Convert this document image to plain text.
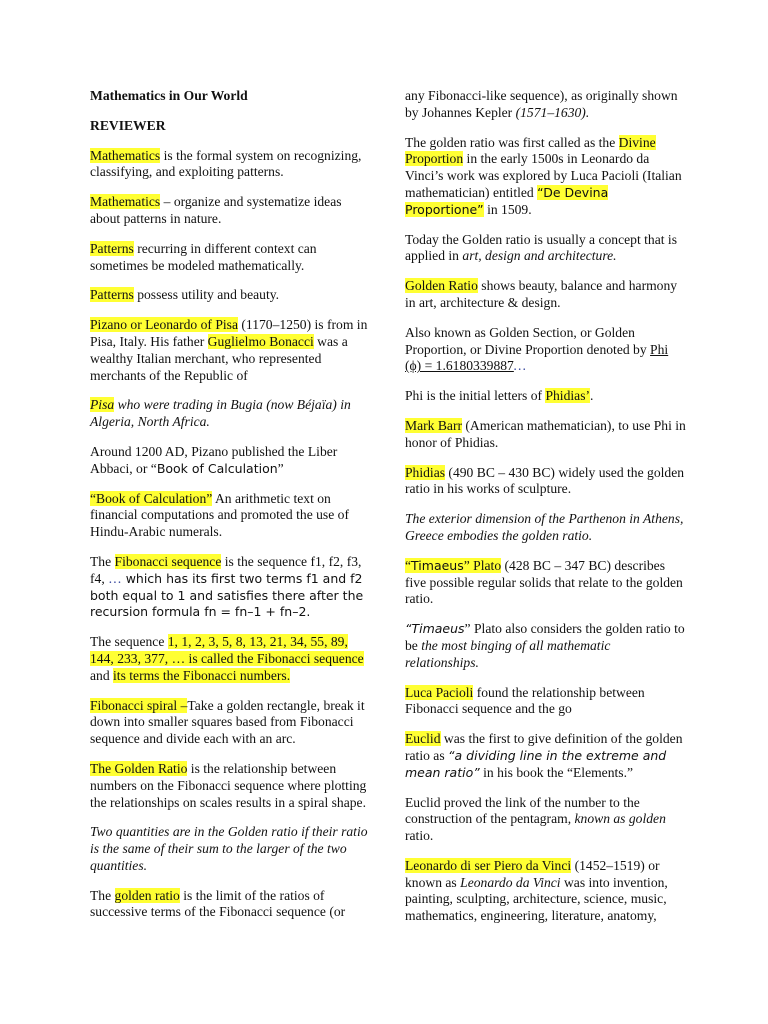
Mathematics in Our World

REVIEWER

Mathematics is the formal system on recognizing, classifying, and exploiting patterns.

Mathematics – organize and systematize ideas about patterns in nature.

Patterns recurring in different context can sometimes be modeled mathematically.

Patterns possess utility and beauty.

Pizano or Leonardo of Pisa (1170–1250) is from in Pisa, Italy. His father Guglielmo Bonacci was a wealthy Italian merchant, who represented merchants of the Republic of

Pisa who were trading in Bugia (now Béjaïa) in Algeria, North Africa.

Around 1200 AD, Pizano published the Liber Abbaci, or “Book of Calculation”

“Book of Calculation” An arithmetic text on financial computations and promoted the use of Hindu-Arabic numerals.

The Fibonacci sequence is the sequence f1, f2, f3, f4, … which has its first two terms f1 and f2 both equal to 1 and satisfies there after the recursion formula fn = fn–1 + fn–2.

The sequence 1, 1, 2, 3, 5, 8, 13, 21, 34, 55, 89, 144, 233, 377, … is called the Fibonacci sequence and its terms the Fibonacci numbers.

Fibonacci spiral –Take a golden rectangle, break it down into smaller squares based from Fibonacci sequence and divide each with an arc.

The Golden Ratio is the relationship between numbers on the Fibonacci sequence where plotting the relationships on scales results in a spiral shape.

Two quantities are in the Golden ratio if their ratio is the same of their sum to the larger of the two quantities.

The golden ratio is the limit of the ratios of successive terms of the Fibonacci sequence (or

any Fibonacci-like sequence), as originally shown by Johannes Kepler (1571–1630).

The golden ratio was first called as the Divine Proportion in the early 1500s in Leonardo da Vinci’s work was explored by Luca Pacioli (Italian mathematician) entitled “De Devina Proportione” in 1509.

Today the Golden ratio is usually a concept that is applied in art, design and architecture.

Golden Ratio shows beauty, balance and harmony in art, architecture & design.

Also known as Golden Section, or Golden Proportion, or Divine Proportion denoted by Phi (ϕ) = 1.6180339887…

Phi is the initial letters of Phidias’.

Mark Barr (American mathematician), to use Phi in honor of Phidias.

Phidias (490 BC – 430 BC) widely used the golden ratio in his works of sculpture.

The exterior dimension of the Parthenon in Athens, Greece embodies the golden ratio.

“Timaeus” Plato (428 BC – 347 BC) describes five possible regular solids that relate to the golden ratio.

“Timaeus” Plato also considers the golden ratio to be the most binging of all mathematic relationships.

Luca Pacioli found the relationship between Fibonacci sequence and the go

Euclid was the first to give definition of the golden ratio as “a dividing line in the extreme and mean ratio” in his book the “Elements.”

Euclid proved the link of the number to the construction of the pentagram, known as golden ratio.

Leonardo di ser Piero da Vinci (1452–1519) or known as Leonardo da Vinci was into invention, painting, sculpting, architecture, science, music, mathematics, engineering, literature, anatomy,
